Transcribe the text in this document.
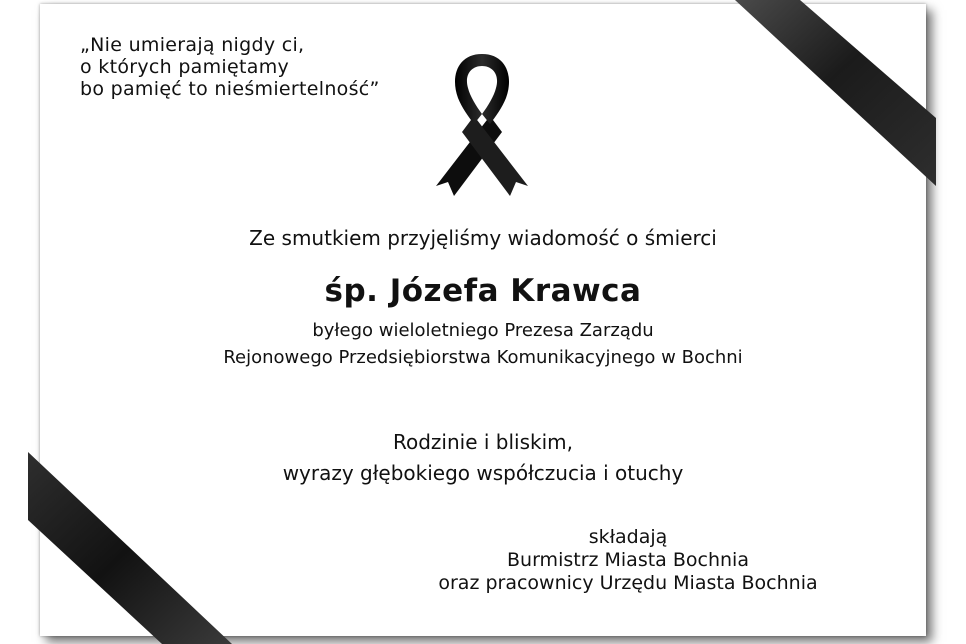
„Nie umierają nigdy ci,
o których pamiętamy
bo pamięć to nieśmiertelność”
Ze smutkiem przyjęliśmy wiadomość o śmierci
śp. Józefa Krawca
byłego wieloletniego Prezesa Zarządu
Rejonowego Przedsiębiorstwa Komunikacyjnego w Bochni
Rodzinie i bliskim,
wyrazy głębokiego współczucia i otuchy
składają
Burmistrz Miasta Bochnia
oraz pracownicy Urzędu Miasta Bochnia
